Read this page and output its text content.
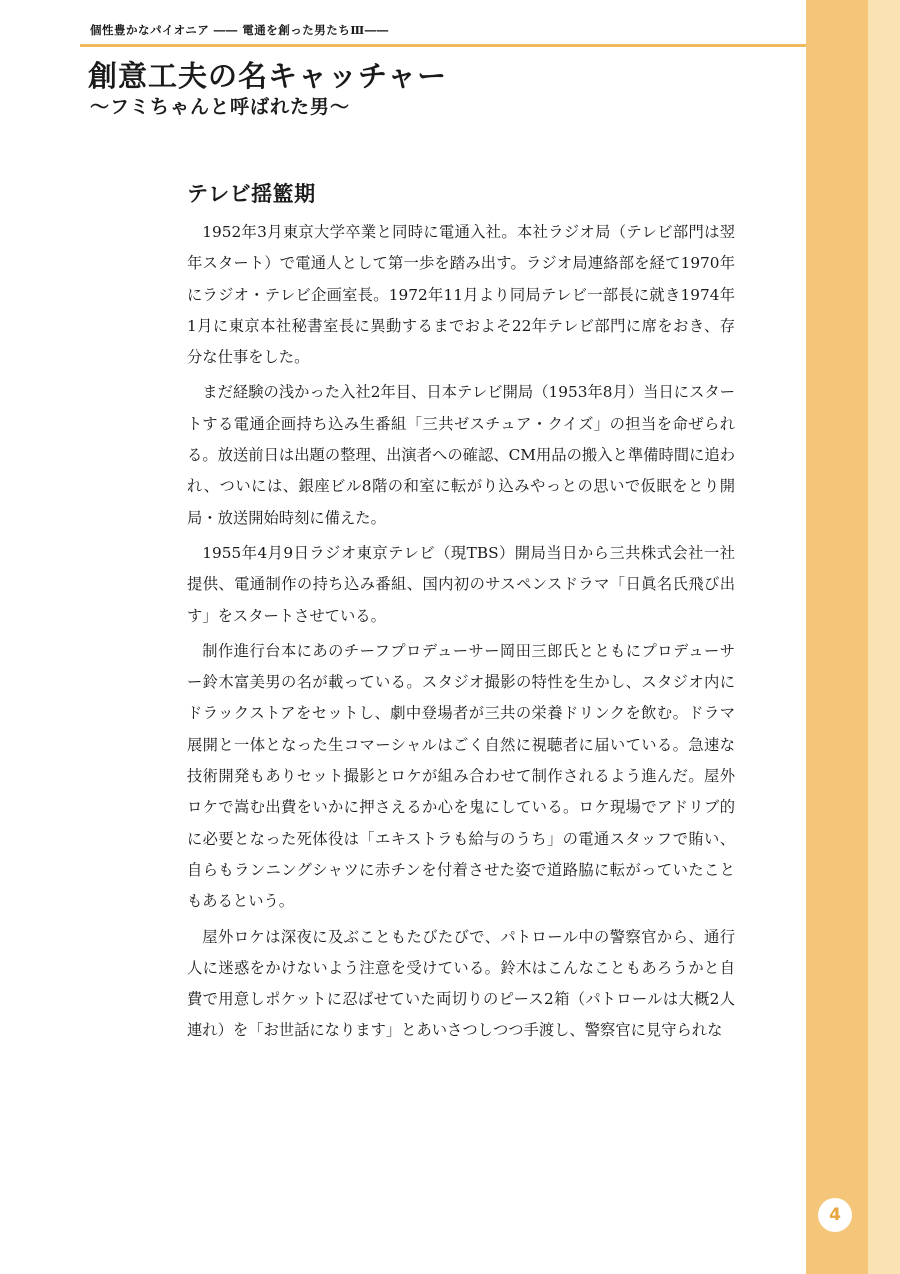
個性豊かなパイオニア ―― 電通を創った男たちⅢ――
創意工夫の名キャッチャー
〜フミちゃんと呼ばれた男〜
テレビ揺籃期

1952年3月東京大学卒業と同時に電通入社。本社ラジオ局（テレビ部門は翌年スタート）で電通人として第一歩を踏み出す。ラジオ局連絡部を経て1970年にラジオ・テレビ企画室長。1972年11月より同局テレビ一部長に就き1974年1月に東京本社秘書室長に異動するまでおよそ22年テレビ部門に席をおき、存分な仕事をした。

まだ経験の浅かった入社2年目、日本テレビ開局（1953年8月）当日にスタートする電通企画持ち込み生番組「三共ゼスチュア・クイズ」の担当を命ぜられる。放送前日は出題の整理、出演者への確認、CM用品の搬入と準備時間に追われ、ついには、銀座ビル8階の和室に転がり込みやっとの思いで仮眠をとり開局・放送開始時刻に備えた。

1955年4月9日ラジオ東京テレビ（現TBS）開局当日から三共株式会社一社提供、電通制作の持ち込み番組、国内初のサスペンスドラマ「日眞名氏飛び出す」をスタートさせている。

制作進行台本にあのチーフプロデューサー岡田三郎氏とともにプロデューサー鈴木富美男の名が載っている。スタジオ撮影の特性を生かし、スタジオ内にドラックストアをセットし、劇中登場者が三共の栄養ドリンクを飲む。ドラマ展開と一体となった生コマーシャルはごく自然に視聴者に届いている。急速な技術開発もありセット撮影とロケが組み合わせて制作されるよう進んだ。屋外ロケで嵩む出費をいかに押さえるか心を鬼にしている。ロケ現場でアドリブ的に必要となった死体役は「エキストラも給与のうち」の電通スタッフで賄い、自らもランニングシャツに赤チンを付着させた姿で道路脇に転がっていたこともあるという。

屋外ロケは深夜に及ぶこともたびたびで、パトロール中の警察官から、通行人に迷惑をかけないよう注意を受けている。鈴木はこんなこともあろうかと自費で用意しポケットに忍ばせていた両切りのピース2箱（パトロールは大概2人連れ）を「お世話になります」とあいさつしつつ手渡し、警察官に見守られな

4
